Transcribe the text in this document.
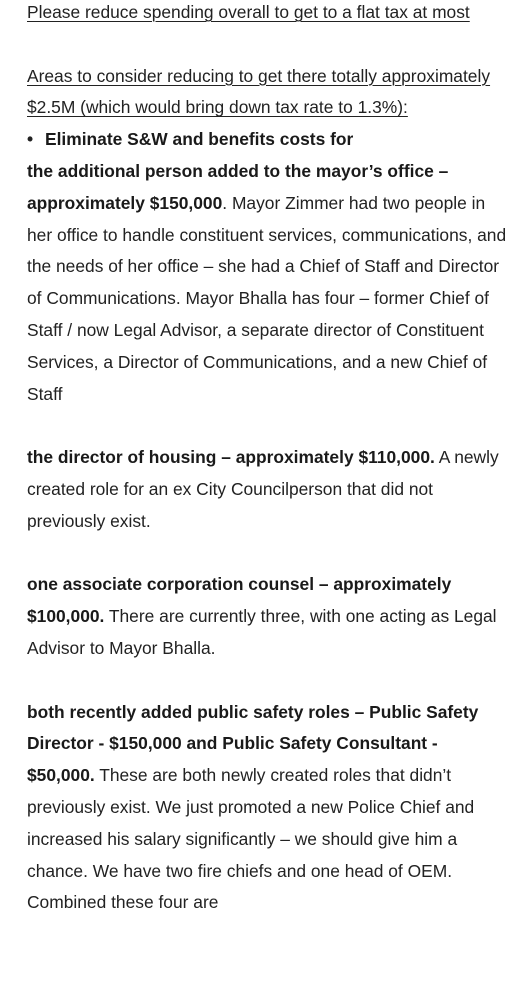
Please reduce spending overall to get to a flat tax at most

Areas to consider reducing to get there totally approximately $2.5M (which would bring down tax rate to 1.3%):

• Eliminate S&W and benefits costs for

the additional person added to the mayor’s office – approximately $150,000. Mayor Zimmer had two people in her office to handle constituent services, communications, and the needs of her office – she had a Chief of Staff and Director of Communications. Mayor Bhalla has four – former Chief of Staff / now Legal Advisor, a separate director of Constituent Services, a Director of Communications, and a new Chief of Staff

the director of housing – approximately $110,000. A newly created role for an ex City Councilperson that did not previously exist.

one associate corporation counsel – approximately $100,000. There are currently three, with one acting as Legal Advisor to Mayor Bhalla.

both recently added public safety roles – Public Safety Director - $150,000 and Public Safety Consultant - $50,000. These are both newly created roles that didn’t previously exist. We just promoted a new Police Chief and increased his salary significantly – we should give him a chance. We have two fire chiefs and one head of OEM. Combined these four are
